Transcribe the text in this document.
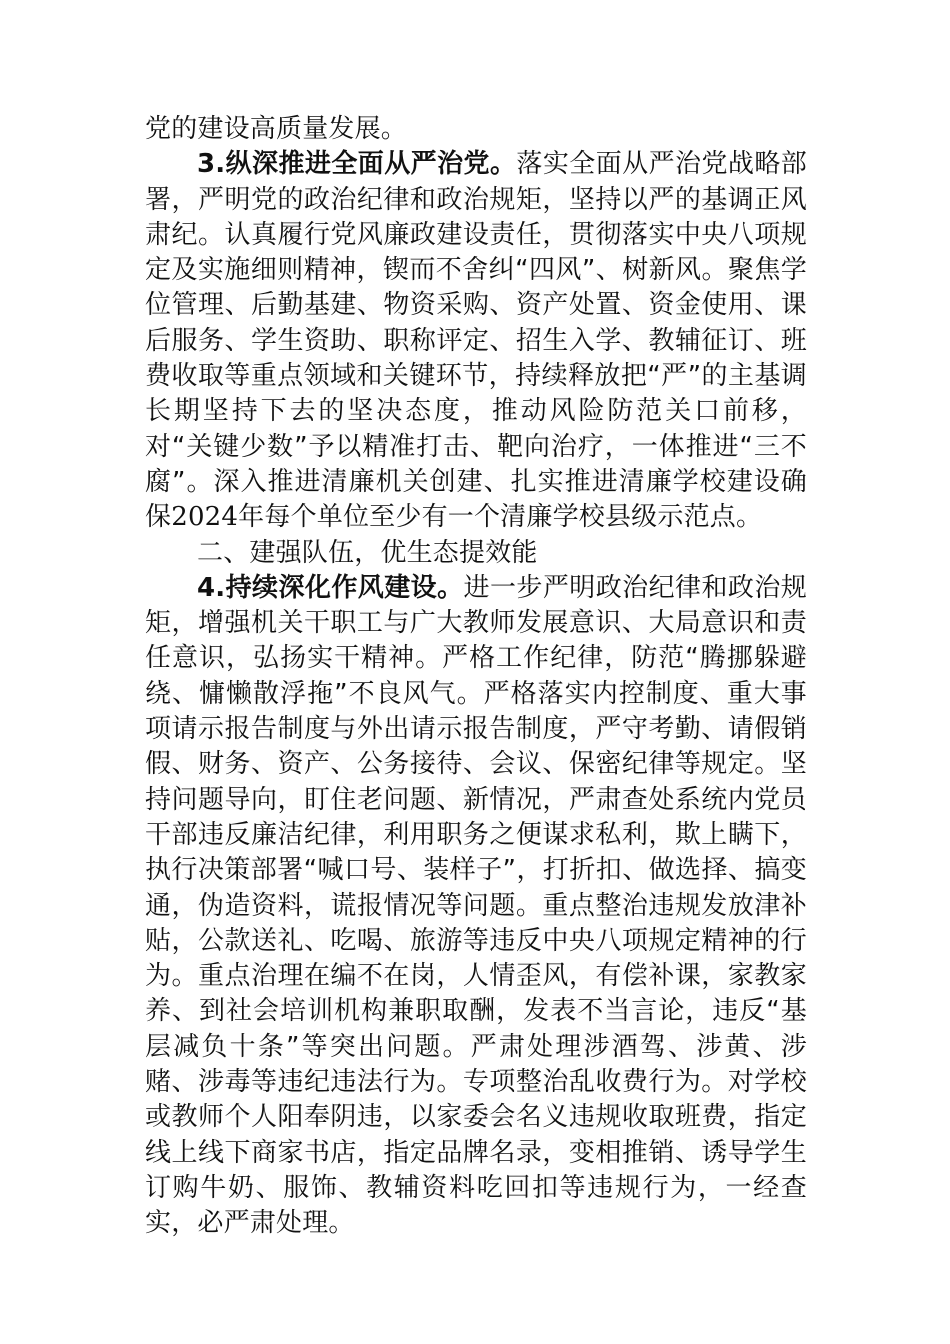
党的建设高质量发展。

3.纵深推进全面从严治党。落实全面从严治党战略部署，严明党的政治纪律和政治规矩，坚持以严的基调正风肃纪。认真履行党风廉政建设责任，贯彻落实中央八项规定及实施细则精神，锲而不舍纠“四风”、树新风。聚焦学位管理、后勤基建、物资采购、资产处置、资金使用、课后服务、学生资助、职称评定、招生入学、教辅征订、班费收取等重点领域和关键环节，持续释放把“严”的主基调长期坚持下去的坚决态度，推动风险防范关口前移，对“关键少数”予以精准打击、靶向治疗，一体推进“三不腐”。深入推进清廉机关创建、扎实推进清廉学校建设确保2024年每个单位至少有一个清廉学校县级示范点。

二、建强队伍，优生态提效能

4.持续深化作风建设。进一步严明政治纪律和政治规矩，增强机关干职工与广大教师发展意识、大局意识和责任意识，弘扬实干精神。严格工作纪律，防范“腾挪躲避绕、慵懒散浮拖”不良风气。严格落实内控制度、重大事项请示报告制度与外出请示报告制度，严守考勤、请假销假、财务、资产、公务接待、会议、保密纪律等规定。坚持问题导向，盯住老问题、新情况，严肃查处系统内党员干部违反廉洁纪律，利用职务之便谋求私利，欺上瞒下，执行决策部署“喊口号、装样子”，打折扣、做选择、搞变通，伪造资料，谎报情况等问题。重点整治违规发放津补贴，公款送礼、吃喝、旅游等违反中央八项规定精神的行为。重点治理在编不在岗，人情歪风，有偿补课，家教家养、到社会培训机构兼职取酬，发表不当言论，违反“基层减负十条”等突出问题。严肃处理涉酒驾、涉黄、涉赌、涉毒等违纪违法行为。专项整治乱收费行为。对学校或教师个人阳奉阴违，以家委会名义违规收取班费，指定线上线下商家书店，指定品牌名录，变相推销、诱导学生订购牛奶、服饰、教辅资料吃回扣等违规行为，一经查实，必严肃处理。
